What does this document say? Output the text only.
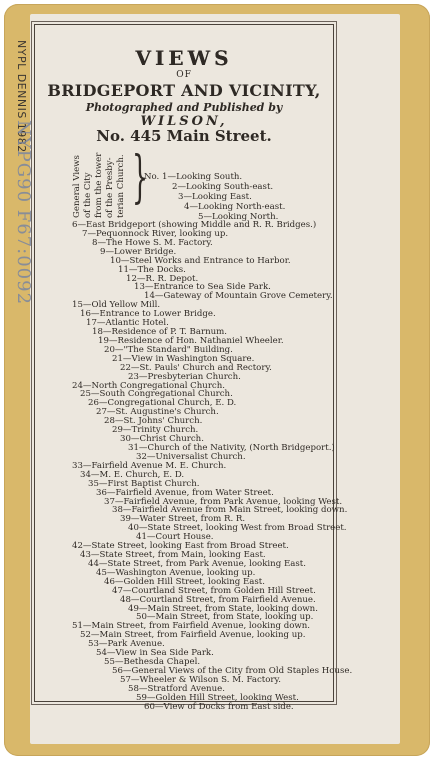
NYPL DENNIS 1982
NYPG90 F67:0092
VIEWS
OF
BRIDGEPORT AND VICINITY,
Photographed and Published by
WILSON,
No. 445 Main Street.
General Views
of the City
from the tower
of the Presby-
terian Church. }
No. 1—Looking South.
2—Looking South-east.
3—Looking East.
4—Looking North-east.
5—Looking North.
6—East Bridgeport (showing Middle and R. R. Bridges.)
7—Pequonnock River, looking up.
8—The Howe S. M. Factory.
9—Lower Bridge.
10—Steel Works and Entrance to Harbor.
11—The Docks.
12—R. R. Depot.
13—Entrance to Sea Side Park.
14—Gateway of Mountain Grove Cemetery.
15—Old Yellow Mill.
16—Entrance to Lower Bridge.
17—Atlantic Hotel.
18—Residence of P. T. Barnum.
19—Residence of Hon. Nathaniel Wheeler.
20—"The Standard" Building.
21—View in Washington Square.
22—St. Pauls' Church and Rectory.
23—Presbyterian Church.
24—North Congregational Church.
25—South Congregational Church.
26—Congregational Church, E. D.
27—St. Augustine's Church.
28—St. Johns' Church.
29—Trinity Church.
30—Christ Church.
31—Church of the Nativity, (North Bridgeport.)
32—Universalist Church.
33—Fairfield Avenue M. E. Church.
34—M. E. Church, E. D.
35—First Baptist Church.
36—Fairfield Avenue, from Water Street.
37—Fairfield Avenue, from Park Avenue, looking West.
38—Fairfield Avenue from Main Street, looking down.
39—Water Street, from R. R.
40—State Street, looking West from Broad Street.
41—Court House.
42—State Street, looking East from Broad Street.
43—State Street, from Main, looking East.
44—State Street, from Park Avenue, looking East.
45—Washington Avenue, looking up.
46—Golden Hill Street, looking East.
47—Courtland Street, from Golden Hill Street.
48—Courtland Street, from Fairfield Avenue.
49—Main Street, from State, looking down.
50—Main Street, from State, looking up.
51—Main Street, from Fairfield Avenue, looking down.
52—Main Street, from Fairfield Avenue, looking up.
53—Park Avenue.
54—View in Sea Side Park.
55—Bethesda Chapel.
56—General Views of the City from Old Staples House.
57—Wheeler & Wilson S. M. Factory.
58—Stratford Avenue.
59—Golden Hill Street, looking West.
60—View of Docks from East side.
